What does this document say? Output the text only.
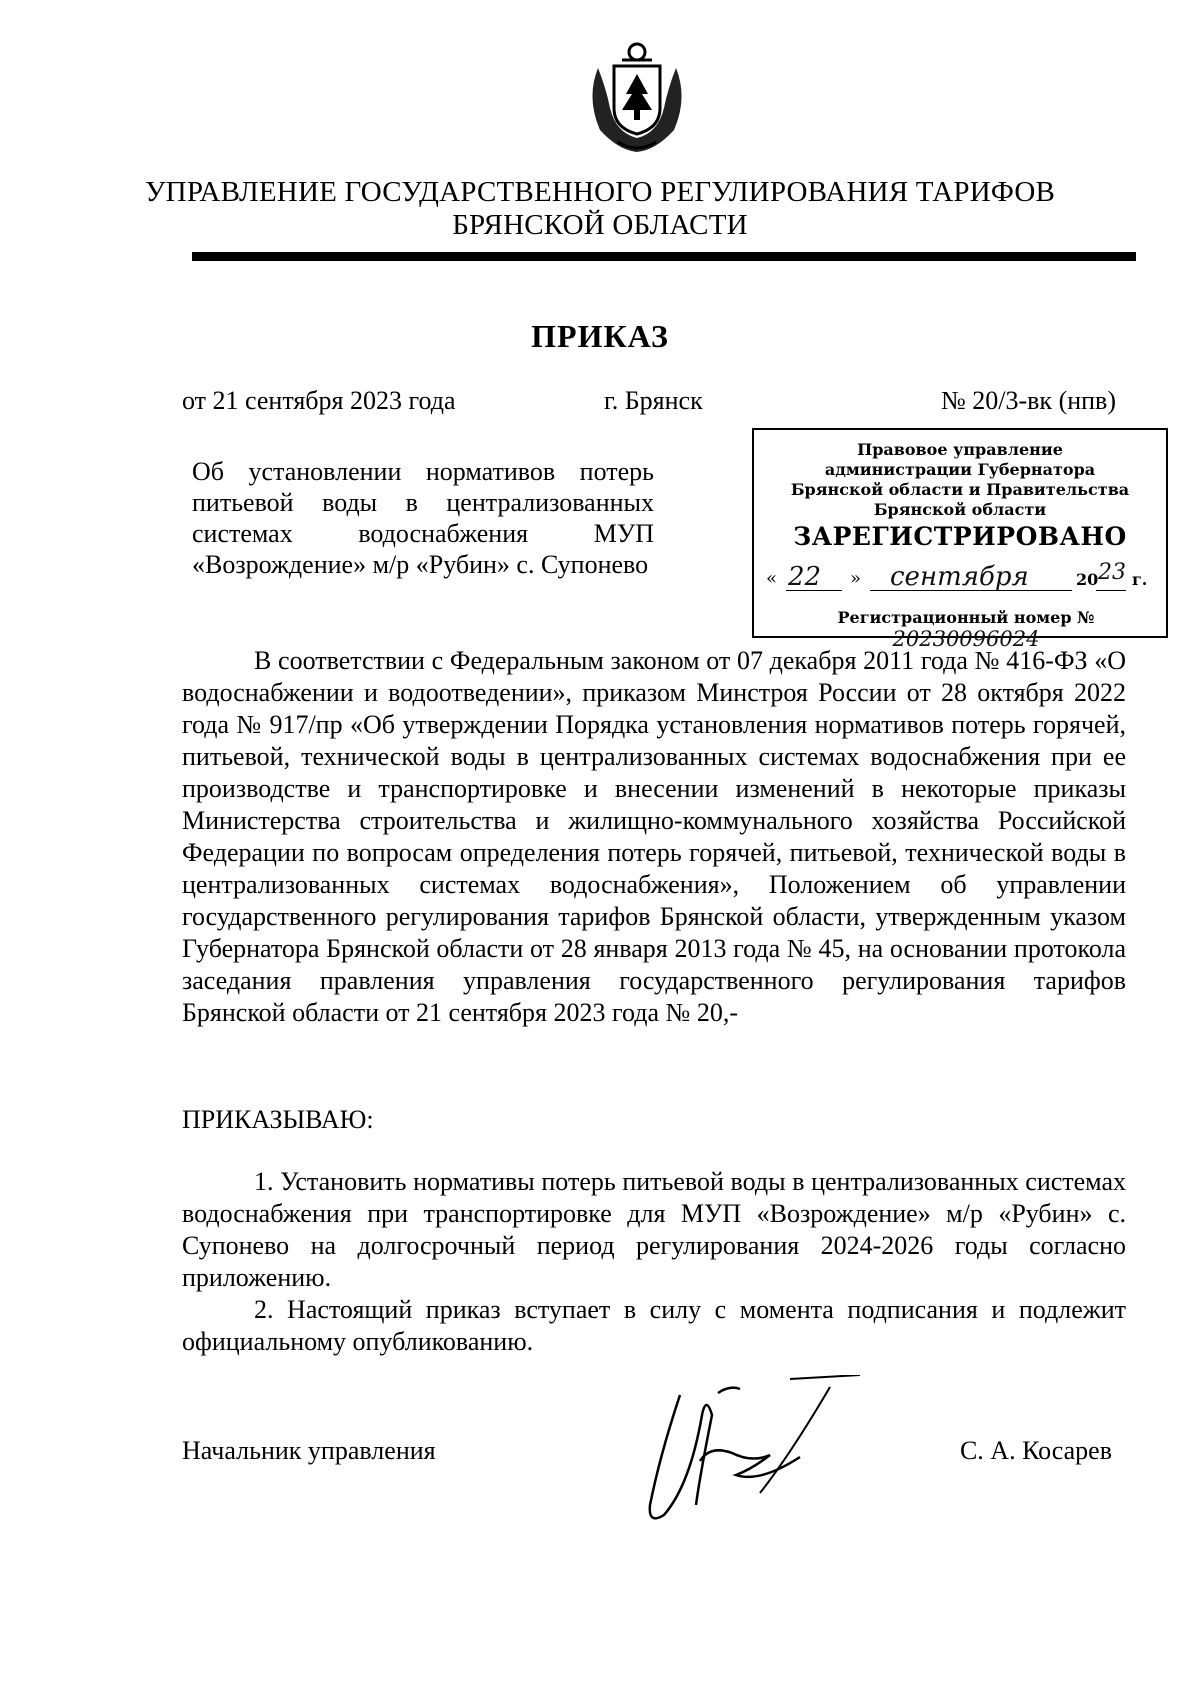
УПРАВЛЕНИЕ ГОСУДАРСТВЕННОГО РЕГУЛИРОВАНИЯ ТАРИФОВ
БРЯНСКОЙ ОБЛАСТИ
ПРИКАЗ
от 21 сентября 2023 года	г. Брянск	№ 20/3-вк (нпв)
Об установлении нормативов потерь питьевой воды в централизованных системах водоснабжения МУП «Возрождение» м/р «Рубин» с. Супонево
Правовое управление
администрации Губернатора
Брянской области и Правительства
Брянской области
ЗАРЕГИСТРИРОВАНО
« 22 » сентября	20 23 г.
Регистрационный номер № 20230096024

В соответствии с Федеральным законом от 07 декабря 2011 года № 416-ФЗ «О водоснабжении и водоотведении», приказом Минстроя России от 28 октября 2022 года № 917/пр «Об утверждении Порядка установления нормативов потерь горячей, питьевой, технической воды в централизованных системах водоснабжения при ее производстве и транспортировке и внесении изменений в некоторые приказы Министерства строительства и жилищно-коммунального хозяйства Российской Федерации по вопросам определения потерь горячей, питьевой, технической воды в централизованных системах водоснабжения», Положением об управлении государственного регулирования тарифов Брянской области, утвержденным указом Губернатора Брянской области от 28 января 2013 года № 45, на основании протокола заседания правления управления государственного регулирования тарифов Брянской области от 21 сентября 2023 года № 20,-

ПРИКАЗЫВАЮ:

1. Установить нормативы потерь питьевой воды в централизованных системах водоснабжения при транспортировке для МУП «Возрождение» м/р «Рубин» с. Супонево на долгосрочный период регулирования 2024-2026 годы согласно приложению.

2. Настоящий приказ вступает в силу с момента подписания и подлежит официальному опубликованию.

Начальник управления	С. А. Косарев
